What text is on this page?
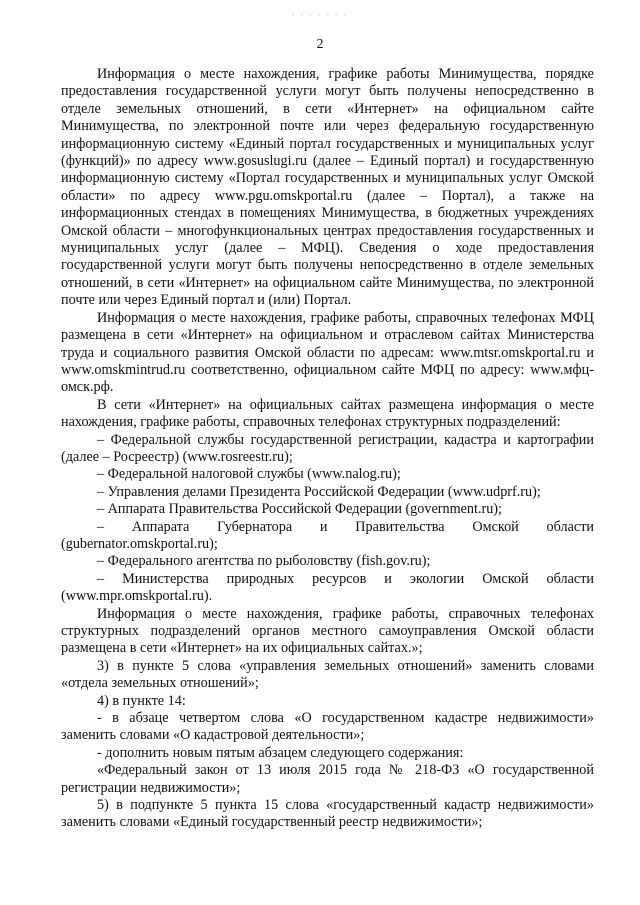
- - - - - - -
2

Информация о месте нахождения, графике работы Минимущества, порядке предоставления государственной услуги могут быть получены непосредственно в отделе земельных отношений, в сети «Интернет» на официальном сайте Минимущества, по электронной почте или через федеральную государственную информационную систему «Единый портал государственных и муниципальных услуг (функций)» по адресу www.gosuslugi.ru (далее – Единый портал) и государственную информационную систему «Портал государственных и муниципальных услуг Омской области» по адресу www.pgu.omskportal.ru (далее – Портал), а также на информационных стендах в помещениях Минимущества, в бюджетных учреждениях Омской области – многофункциональных центрах предоставления государственных и муниципальных услуг (далее – МФЦ). Сведения о ходе предоставления государственной услуги могут быть получены непосредственно в отделе земельных отношений, в сети «Интернет» на официальном сайте Минимущества, по электронной почте или через Единый портал и (или) Портал.

Информация о месте нахождения, графике работы, справочных телефонах МФЦ размещена в сети «Интернет» на официальном и отраслевом сайтах Министерства труда и социального развития Омской области по адресам: www.mtsr.omskportal.ru и www.omskmintrud.ru соответственно, официальном сайте МФЦ по адресу: www.мфц-омск.рф.

В сети «Интернет» на официальных сайтах размещена информация о месте нахождения, графике работы, справочных телефонах структурных подразделений:

– Федеральной службы государственной регистрации, кадастра и картографии (далее – Росреестр) (www.rosreestr.ru);

– Федеральной налоговой службы (www.nalog.ru);

– Управления делами Президента Российской Федерации (www.udprf.ru);

– Аппарата Правительства Российской Федерации (government.ru);

– Аппарата Губернатора и Правительства Омской области (gubernator.omskportal.ru);

– Федерального агентства по рыболовству (fish.gov.ru);

– Министерства природных ресурсов и экологии Омской области (www.mpr.omskportal.ru).

Информация о месте нахождения, графике работы, справочных телефонах структурных подразделений органов местного самоуправления Омской области размещена в сети «Интернет» на их официальных сайтах.»;

3) в пункте 5 слова «управления земельных отношений» заменить словами «отдела земельных отношений»;

4) в пункте 14:

- в абзаце четвертом слова «О государственном кадастре недвижимости» заменить словами «О кадастровой деятельности»;

- дополнить новым пятым абзацем следующего содержания:

«Федеральный закон от 13 июля 2015 года № 218-ФЗ «О государственной регистрации недвижимости»;

5) в подпункте 5 пункта 15 слова «государственный кадастр недвижимости» заменить словами «Единый государственный реестр недвижимости»;
